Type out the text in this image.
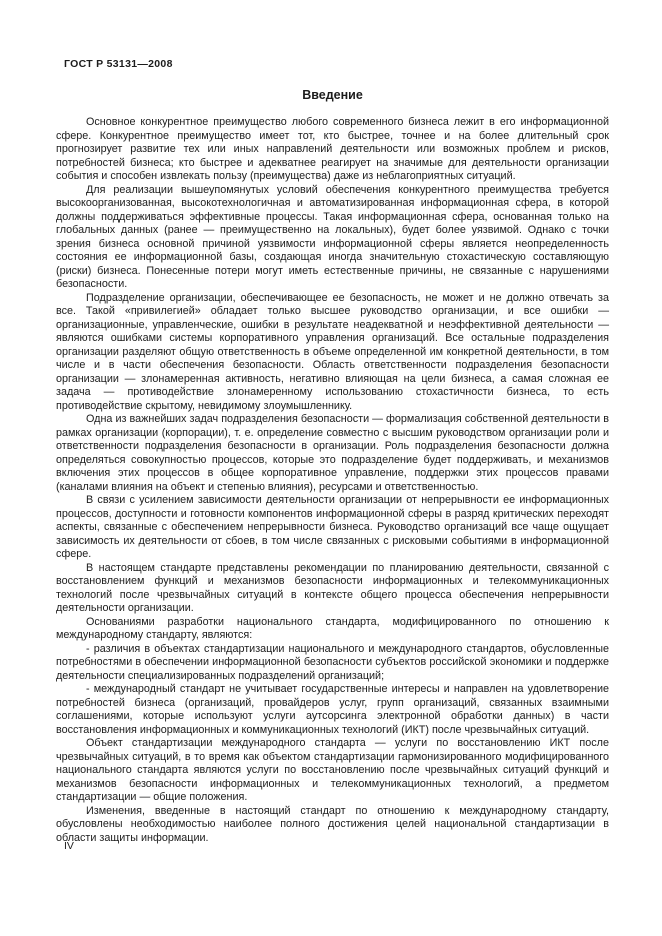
ГОСТ Р 53131—2008
Введение

Основное конкурентное преимущество любого современного бизнеса лежит в его информационной сфере. Конкурентное преимущество имеет тот, кто быстрее, точнее и на более длительный срок прогнозирует развитие тех или иных направлений деятельности или возможных проблем и рисков, потребностей бизнеса; кто быстрее и адекватнее реагирует на значимые для деятельности организации события и способен извлекать пользу (преимущества) даже из неблагоприятных ситуаций.

Для реализации вышеупомянутых условий обеспечения конкурентного преимущества требуется высокоорганизованная, высокотехнологичная и автоматизированная информационная сфера, в которой должны поддерживаться эффективные процессы. Такая информационная сфера, основанная только на глобальных данных (ранее — преимущественно на локальных), будет более уязвимой. Однако с точки зрения бизнеса основной причиной уязвимости информационной сферы является неопределенность состояния ее информационной базы, создающая иногда значительную стохастическую составляющую (риски) бизнеса. Понесенные потери могут иметь естественные причины, не связанные с нарушениями безопасности.

Подразделение организации, обеспечивающее ее безопасность, не может и не должно отвечать за все. Такой «привилегией» обладает только высшее руководство организации, и все ошибки — организационные, управленческие, ошибки в результате неадекватной и неэффективной деятельности — являются ошибками системы корпоративного управления организаций. Все остальные подразделения организации разделяют общую ответственность в объеме определенной им конкретной деятельности, в том числе и в части обеспечения безопасности. Область ответственности подразделения безопасности организации — злонамеренная активность, негативно влияющая на цели бизнеса, а самая сложная ее задача — противодействие злонамеренному использованию стохастичности бизнеса, то есть противодействие скрытому, невидимому злоумышленнику.

Одна из важнейших задач подразделения безопасности — формализация собственной деятельности в рамках организации (корпорации), т. е. определение совместно с высшим руководством организации роли и ответственности подразделения безопасности в организации. Роль подразделения безопасности должна определяться совокупностью процессов, которые это подразделение будет поддерживать, и механизмов включения этих процессов в общее корпоративное управление, поддержки этих процессов правами (каналами влияния на объект и степенью влияния), ресурсами и ответственностью.

В связи с усилением зависимости деятельности организации от непрерывности ее информационных процессов, доступности и готовности компонентов информационной сферы в разряд критических переходят аспекты, связанные с обеспечением непрерывности бизнеса. Руководство организаций все чаще ощущает зависимость их деятельности от сбоев, в том числе связанных с рисковыми событиями в информационной сфере.

В настоящем стандарте представлены рекомендации по планированию деятельности, связанной с восстановлением функций и механизмов безопасности информационных и телекоммуникационных технологий после чрезвычайных ситуаций в контексте общего процесса обеспечения непрерывности деятельности организации.

Основаниями разработки национального стандарта, модифицированного по отношению к международному стандарту, являются:

- различия в объектах стандартизации национального и международного стандартов, обусловленные потребностями в обеспечении информационной безопасности субъектов российской экономики и поддержке деятельности специализированных подразделений организаций;

- международный стандарт не учитывает государственные интересы и направлен на удовлетворение потребностей бизнеса (организаций, провайдеров услуг, групп организаций, связанных взаимными соглашениями, которые используют услуги аутсорсинга электронной обработки данных) в части восстановления информационных и коммуникационных технологий (ИКТ) после чрезвычайных ситуаций.

Объект стандартизации международного стандарта — услуги по восстановлению ИКТ после чрезвычайных ситуаций, в то время как объектом стандартизации гармонизированного модифицированного национального стандарта являются услуги по восстановлению после чрезвычайных ситуаций функций и механизмов безопасности информационных и телекоммуникационных технологий, а предметом стандартизации — общие положения.

Изменения, введенные в настоящий стандарт по отношению к международному стандарту, обусловлены необходимостью наиболее полного достижения целей национальной стандартизации в области защиты информации.

IV
